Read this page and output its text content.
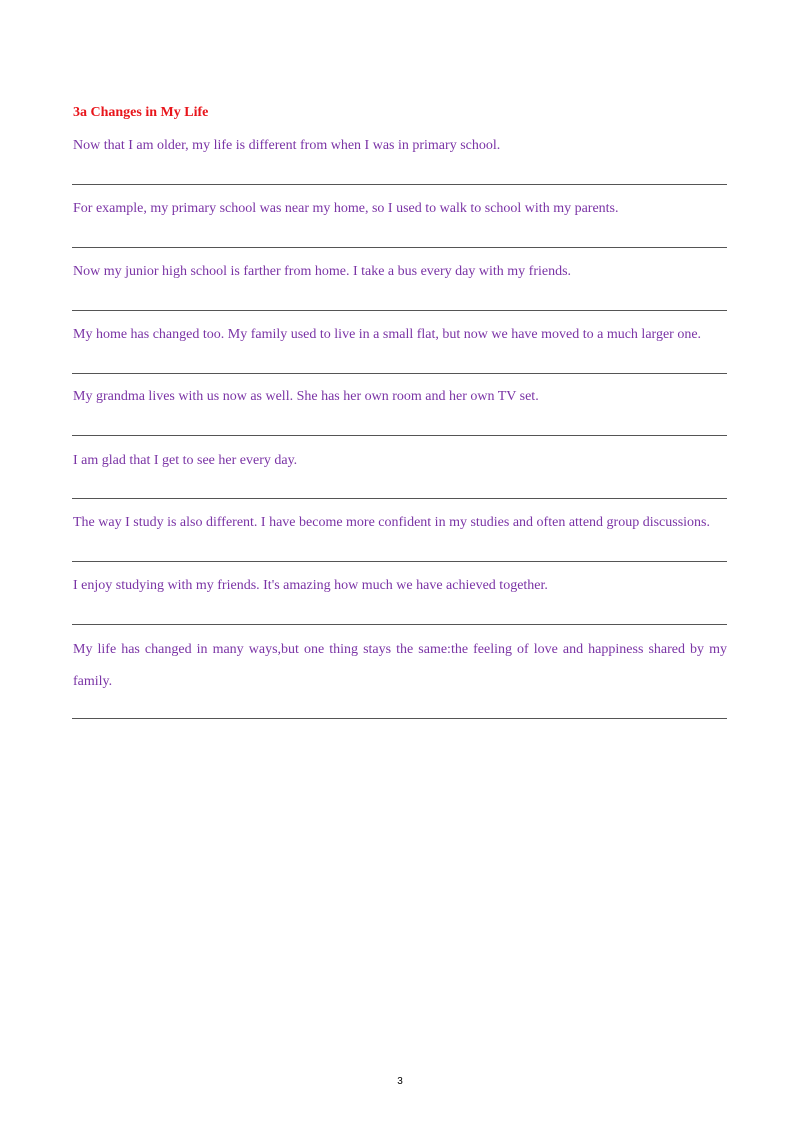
3a Changes in My Life
Now that I am older, my life is different from when I was in primary school.
For example, my primary school was near my home, so I used to walk to school with my parents.
Now my junior high school is farther from home. I take a bus every day with my friends.
My home has changed too. My family used to live in a small flat, but now we have moved to a much larger one.
My grandma lives with us now as well. She has her own room and her own TV set.
I am glad that I get to see her every day.
The way I study is also different. I have become more confident in my studies and often attend group discussions.
I enjoy studying with my friends. It's amazing how much we have achieved together.
My life has changed in many ways,but one thing stays the same:the feeling of love and happiness shared by my family.
3
